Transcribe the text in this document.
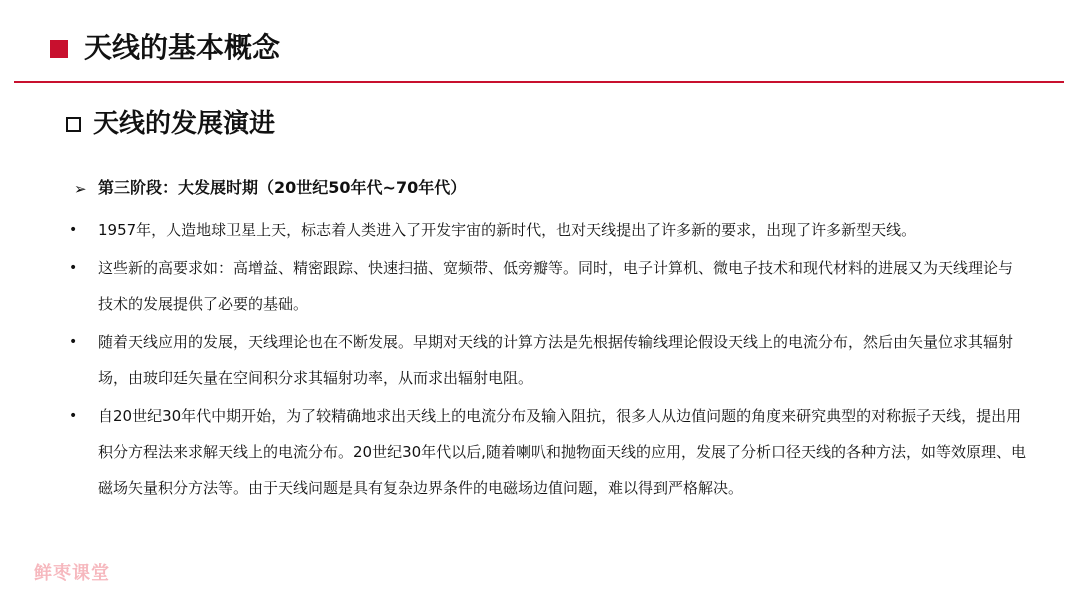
天线的基本概念
天线的发展演进
➢ 第三阶段：大发展时期（20世纪50年代~70年代）
• 1957年，人造地球卫星上天，标志着人类进入了开发宇宙的新时代，也对天线提出了许多新的要求，出现了许多新型天线。
• 这些新的高要求如：高增益、精密跟踪、快速扫描、宽频带、低旁瓣等。同时，电子计算机、微电子技术和现代材料的进展又为天线理论与技术的发展提供了必要的基础。
• 随着天线应用的发展，天线理论也在不断发展。早期对天线的计算方法是先根据传输线理论假设天线上的电流分布，然后由矢量位求其辐射场，由玻印廷矢量在空间积分求其辐射功率，从而求出辐射电阻。
• 自20世纪30年代中期开始，为了较精确地求出天线上的电流分布及输入阻抗，很多人从边值问题的角度来研究典型的对称振子天线，提出用积分方程法来求解天线上的电流分布。20世纪30年代以后,随着喇叭和抛物面天线的应用，发展了分析口径天线的各种方法，如等效原理、电磁场矢量积分方法等。由于天线问题是具有复杂边界条件的电磁场边值问题，难以得到严格解决。
鲜枣课堂
